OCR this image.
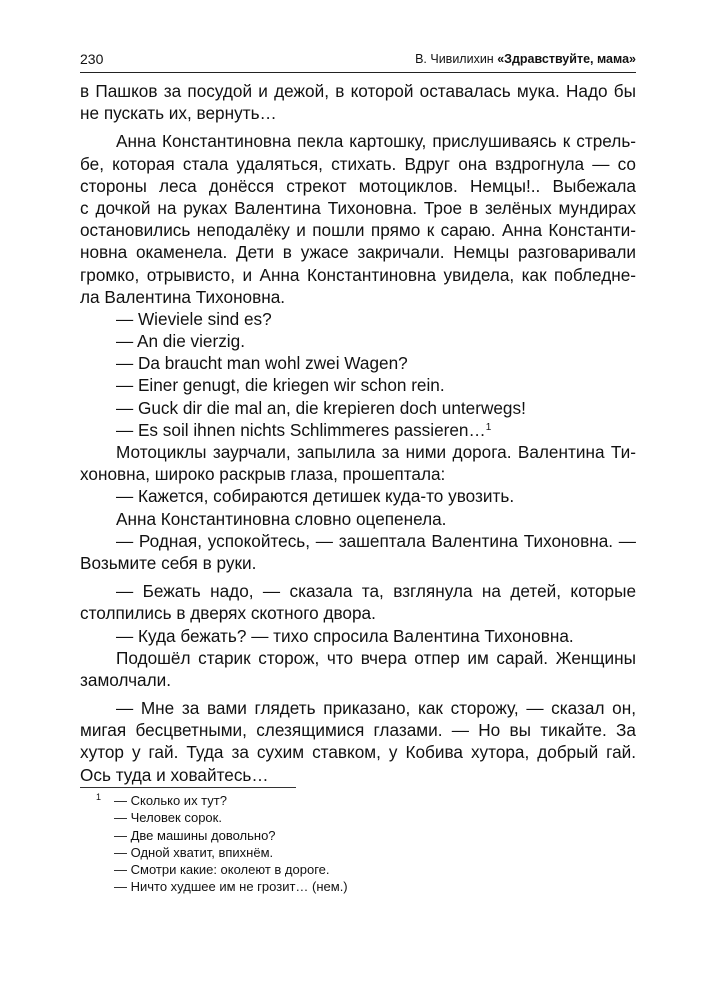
230	В. Чивилихин «Здравствуйте, мама»
в Пашков за посудой и дежой, в которой оставалась мука. Надо бы
не пускать их, вернуть…
Анна Константиновна пекла картошку, прислушиваясь к стрель-
бе, которая стала удаляться, стихать. Вдруг она вздрогнула — со
стороны леса донёсся стрекот мотоциклов. Немцы!.. Выбежала
с дочкой на руках Валентина Тихоновна. Трое в зелёных мундирах
остановились неподалёку и пошли прямо к сараю. Анна Константи-
новна окаменела. Дети в ужасе закричали. Немцы разговаривали
громко, отрывисто, и Анна Константиновна увидела, как побледне-
ла Валентина Тихоновна.
— Wieviele sind es?
— An die vierzig.
— Da braucht man wohl zwei Wagen?
— Einer genugt, die kriegen wir schon rein.
— Guck dir die mal an, die krepieren doch unterwegs!
— Es soil ihnen nichts Schlimmeres passieren…$^1$
Мотоциклы заурчали, запылила за ними дорога. Валентина Ти-
хоновна, широко раскрыв глаза, прошептала:
— Кажется, собираются детишек куда-то увозить.
Анна Константиновна словно оцепенела.
— Родная, успокойтесь, — зашептала Валентина Тихоновна. —
Возьмите себя в руки.
— Бежать надо, — сказала та, взглянула на детей, которые
столпились в дверях скотного двора.
— Куда бежать? — тихо спросила Валентина Тихоновна.
Подошёл старик сторож, что вчера отпер им сарай. Женщины
замолчали.
— Мне за вами глядеть приказано, как сторожу, — сказал он,
мигая бесцветными, слезящимися глазами. — Но вы тикайте. За
хутор у гай. Туда за сухим ставком, у Кобива хутора, добрый гай.
Ось туда и ховайтесь…
1 — Сколько их тут?
— Человек сорок.
— Две машины довольно?
— Одной хватит, впихнём.
— Смотри какие: околеют в дороге.
— Ничто худшее им не грозит… (нем.)
